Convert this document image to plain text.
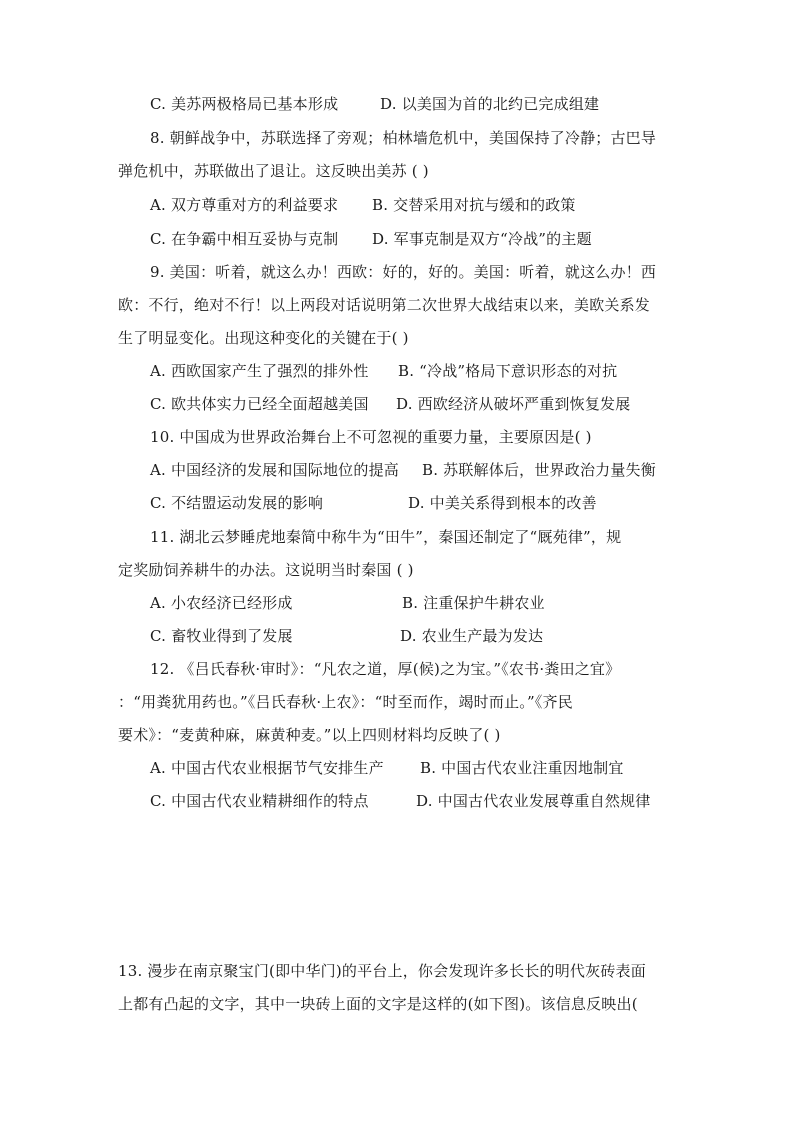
C. 美苏两极格局已基本形成	D. 以美国为首的北约已完成组建
8. 朝鲜战争中，苏联选择了旁观；柏林墙危机中，美国保持了冷静；古巴导
弹危机中，苏联做出了退让。这反映出美苏 ( )
A. 双方尊重对方的利益要求 B. 交替采用对抗与缓和的政策
C. 在争霸中相互妥协与克制 D. 军事克制是双方“冷战”的主题
9. 美国：听着，就这么办！西欧：好的，好的。美国：听着，就这么办！西
欧：不行，绝对不行！以上两段对话说明第二次世界大战结束以来，美欧关系发
生了明显变化。出现这种变化的关键在于( )
A. 西欧国家产生了强烈的排外性 B. “冷战”格局下意识形态的对抗
C. 欧共体实力已经全面超越美国 D. 西欧经济从破坏严重到恢复发展
10. 中国成为世界政治舞台上不可忽视的重要力量，主要原因是( )
A. 中国经济的发展和国际地位的提高 B. 苏联解体后，世界政治力量失衡
C. 不结盟运动发展的影响	D. 中美关系得到根本的改善
11. 湖北云梦睡虎地秦简中称牛为“田牛”，秦国还制定了“厩苑律”，规
定奖励饲养耕牛的办法。这说明当时秦国 ( )
A. 小农经济已经形成	B. 注重保护牛耕农业
C. 畜牧业得到了发展	D. 农业生产最为发达
12. 《吕氏春秋·审时》：“凡农之道，厚(候)之为宝。”《农书·粪田之宜》
：“用粪犹用药也。”《吕氏春秋·上农》：“时至而作，竭时而止。”《齐民
要术》：“麦黄种麻，麻黄种麦。”以上四则材料均反映了( )
A. 中国古代农业根据节气安排生产 B. 中国古代农业注重因地制宜
C. 中国古代农业精耕细作的特点	D. 中国古代农业发展尊重自然规律
13. 漫步在南京聚宝门(即中华门)的平台上，你会发现许多长长的明代灰砖表面
上都有凸起的文字，其中一块砖上面的文字是这样的(如下图)。该信息反映出(
